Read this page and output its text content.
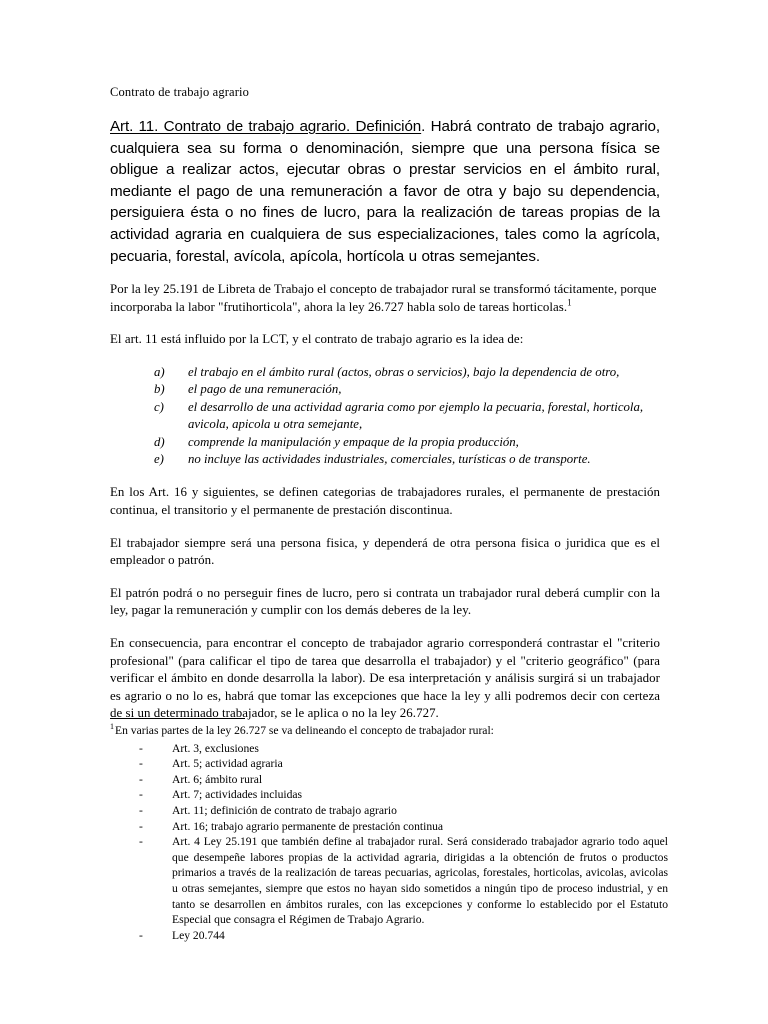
Contrato de trabajo agrario

Art. 11. Contrato de trabajo agrario. Definición. Habrá contrato de trabajo agrario, cualquiera sea su forma o denominación, siempre que una persona física se obligue a realizar actos, ejecutar obras o prestar servicios en el ámbito rural, mediante el pago de una remuneración a favor de otra y bajo su dependencia, persiguiera ésta o no fines de lucro, para la realización de tareas propias de la actividad agraria en cualquiera de sus especializaciones, tales como la agrícola, pecuaria, forestal, avícola, apícola, hortícola u otras semejantes.

Por la ley 25.191 de Libreta de Trabajo el concepto de trabajador rural se transformó tácitamente, porque incorporaba la labor "frutihorticola", ahora la ley 26.727 habla solo de tareas horticolas.$^1$

El art. 11 está influido por la LCT, y el contrato de trabajo agrario es la idea de:

a)	el trabajo en el ámbito rural (actos, obras o servicios), bajo la dependencia de otro,
b)	el pago de una remuneración,
c)	el desarrollo de una actividad agraria como por ejemplo la pecuaria, forestal, horticola, avicola, apicola u otra semejante,
d)	comprende la manipulación y empaque de la propia producción,
e)	no incluye las actividades industriales, comerciales, turísticas o de transporte.

En los Art. 16 y siguientes, se definen categorias de trabajadores rurales, el permanente de prestación continua, el transitorio y el permanente de prestación discontinua.

El trabajador siempre será una persona fisica, y dependerá de otra persona fisica o juridica que es el empleador o patrón.

El patrón podrá o no perseguir fines de lucro, pero si contrata un trabajador rural deberá cumplir con la ley, pagar la remuneración y cumplir con los demás deberes de la ley.

En consecuencia, para encontrar el concepto de trabajador agrario corresponderá contrastar el "criterio profesional" (para calificar el tipo de tarea que desarrolla el trabajador) y el "criterio geográfico" (para verificar el ámbito en donde desarrolla la labor). De esa interpretación y análisis surgirá si un trabajador es agrario o no lo es, habrá que tomar las excepciones que hace la ley y alli podremos decir con certeza de si un determinado trabajador, se le aplica o no la ley 26.727.

$^1$En varias partes de la ley 26.727 se va delineando el concepto de trabajador rural:

-	Art. 3, exclusiones
-	Art. 5; actividad agraria
-	Art. 6; ámbito rural
-	Art. 7; actividades incluidas
-	Art. 11; definición de contrato de trabajo agrario
-	Art. 16; trabajo agrario permanente de prestación continua
-	Art. 4 Ley 25.191 que también define al trabajador rural. Será considerado trabajador agrario todo aquel que desempeñe labores propias de la actividad agraria, dirigidas a la obtención de frutos o productos primarios a través de la realización de tareas pecuarias, agricolas, forestales, horticolas, avicolas, avicolas u otras semejantes, siempre que estos no hayan sido sometidos a ningún tipo de proceso industrial, y en tanto se desarrollen en ámbitos rurales, con las excepciones y conforme lo establecido por el Estatuto Especial que consagra el Régimen de Trabajo Agrario.
-	Ley 20.744
